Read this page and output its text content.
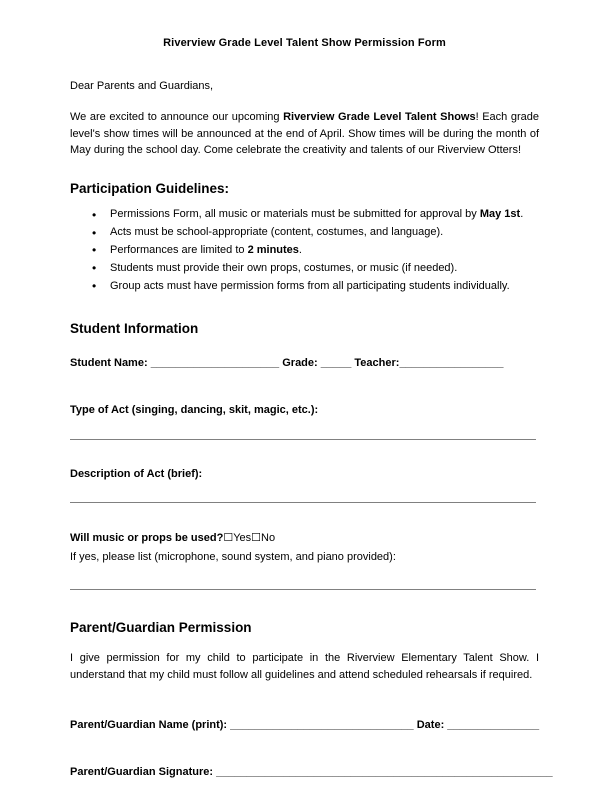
Riverview Grade Level Talent Show Permission Form

Dear Parents and Guardians,

We are excited to announce our upcoming Riverview Grade Level Talent Shows! Each grade level's show times will be announced at the end of April. Show times will be during the month of May during the school day. Come celebrate the creativity and talents of our Riverview Otters!

Participation Guidelines:
• Permissions Form, all music or materials must be submitted for approval by May 1st.
• Acts must be school-appropriate (content, costumes, and language).
• Performances are limited to 2 minutes.
• Students must provide their own props, costumes, or music (if needed).
• Group acts must have permission forms from all participating students individually.
Student Information

Student Name: _____________________ Grade: _____ Teacher:_________________

Type of Act (singing, dancing, skit, magic, etc.):

Description of Act (brief):

Will music or props be used?☐Yes☐No

If yes, please list (microphone, sound system, and piano provided):

Parent/Guardian Permission

I give permission for my child to participate in the Riverview Elementary Talent Show. I understand that my child must follow all guidelines and attend scheduled rehearsals if required.

Parent/Guardian Name (print): ______________________________ Date: _______________

Parent/Guardian Signature: _______________________________________________________
